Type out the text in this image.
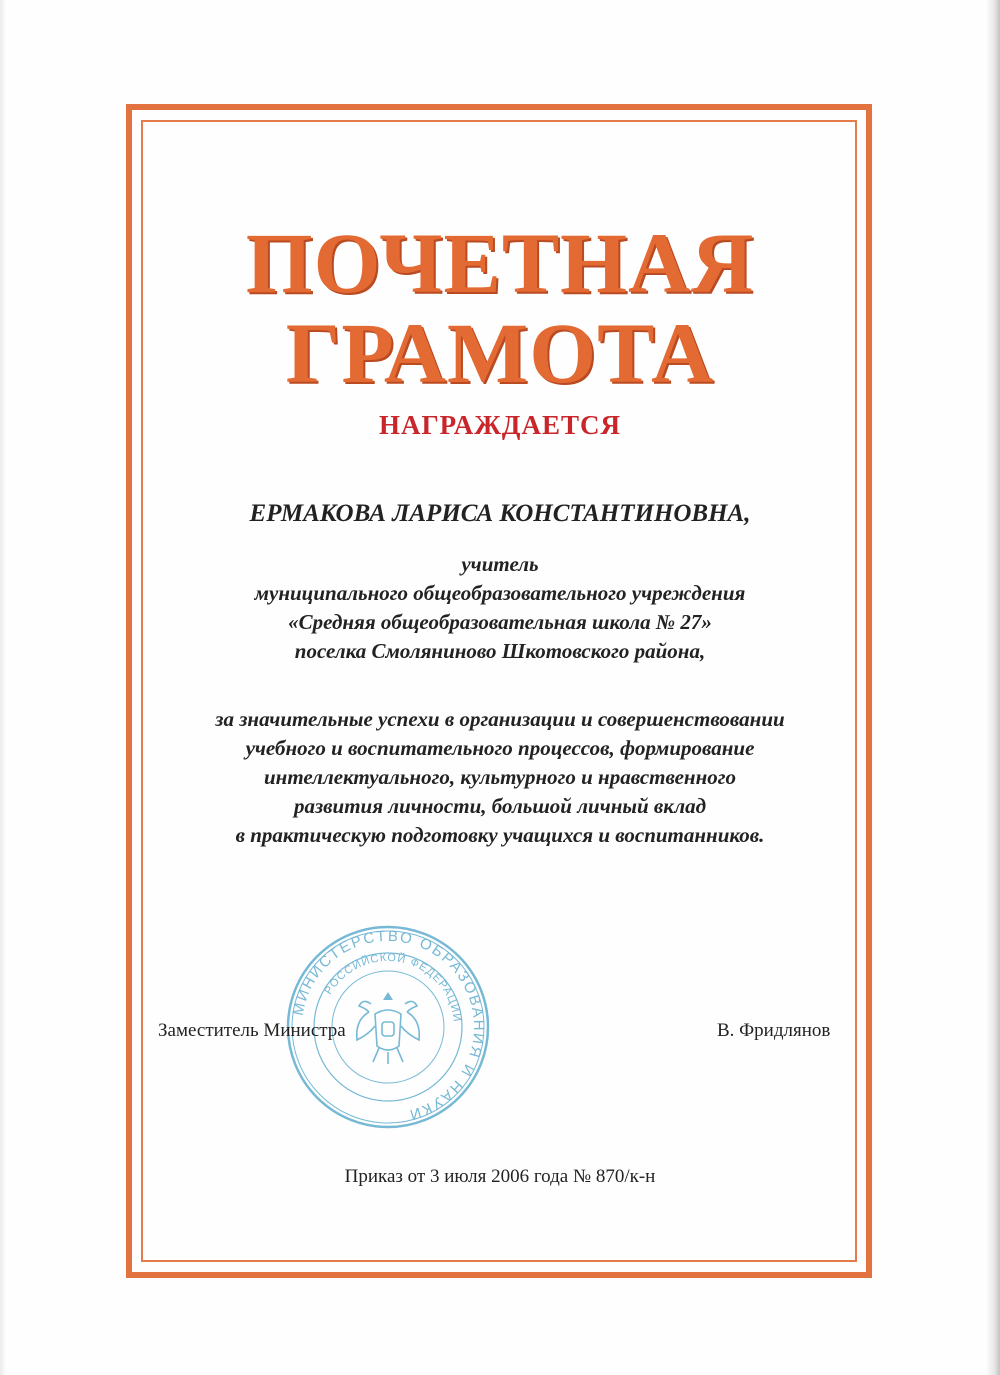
ПОЧЕТНАЯ
ГРАМОТА
НАГРАЖДАЕТСЯ
ЕРМАКОВА ЛАРИСА КОНСТАНТИНОВНА,
учитель
муниципального общеобразовательного учреждения
«Средняя общеобразовательная школа № 27»
поселка Смоляниново Шкотовского района,
за значительные успехи в организации и совершенствовании
учебного и воспитательного процессов, формирование
интеллектуального, культурного и нравственного
развития личности, большой личный вклад
в практическую подготовку учащихся и воспитанников.
МИНИСТЕРСТВО ОБРАЗОВАНИЯ И НАУКИ
РОССИЙСКОЙ ФЕДЕРАЦИИ
Заместитель Министра	В. Фридлянов
Приказ от 3 июля 2006 года № 870/к-н
